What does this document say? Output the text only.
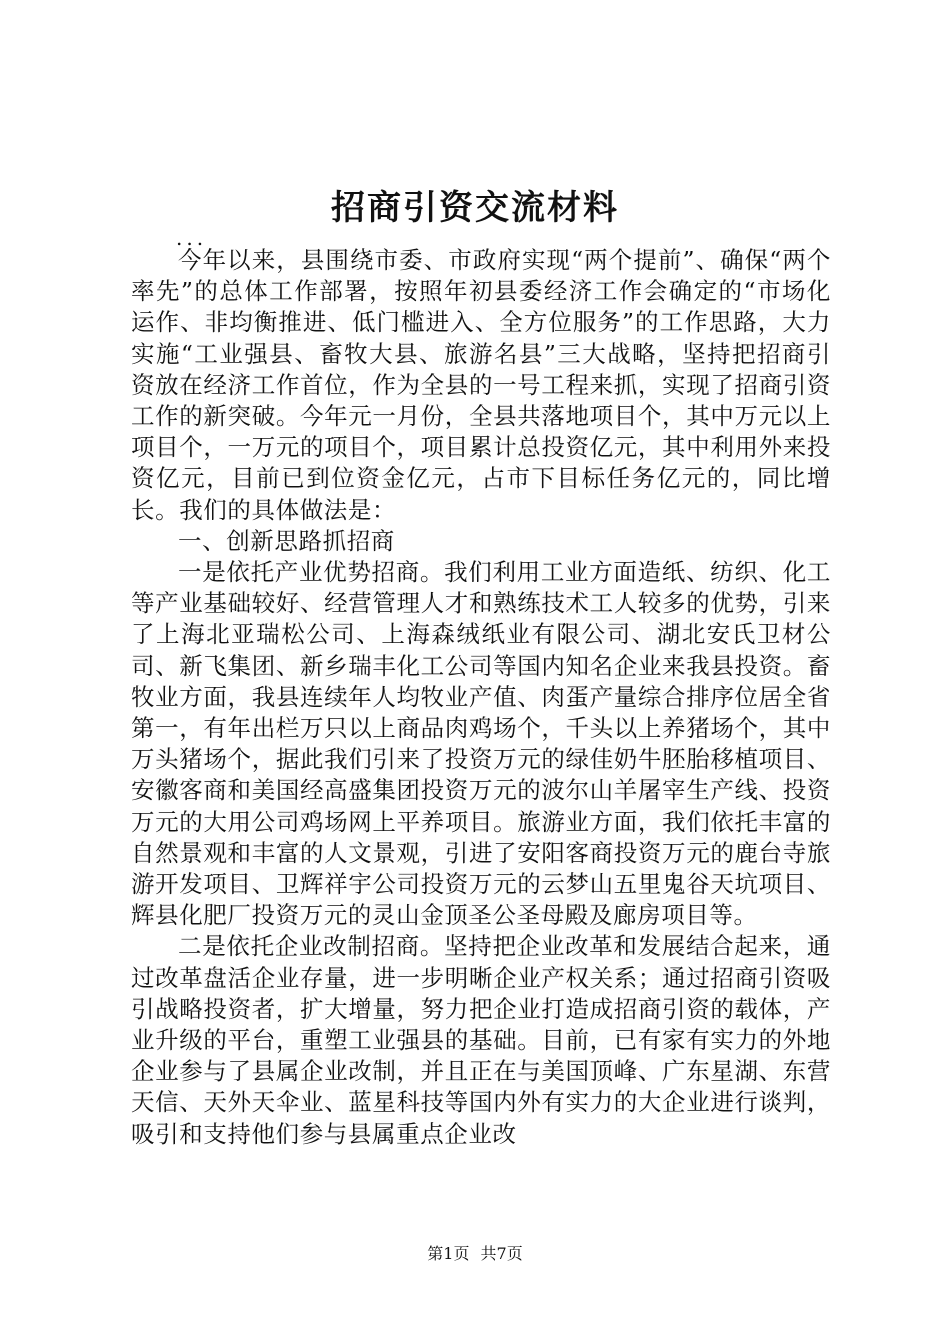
招商引资交流材料
...

今年以来，县围绕市委、市政府实现“两个提前”、确保“两个率先”的总体工作部署，按照年初县委经济工作会确定的“市场化运作、非均衡推进、低门槛进入、全方位服务”的工作思路，大力实施“工业强县、畜牧大县、旅游名县”三大战略，坚持把招商引资放在经济工作首位，作为全县的一号工程来抓，实现了招商引资工作的新突破。今年元一月份，全县共落地项目个，其中万元以上项目个，一万元的项目个，项目累计总投资亿元，其中利用外来投资亿元，目前已到位资金亿元，占市下目标任务亿元的，同比增长。我们的具体做法是：

一、创新思路抓招商

一是依托产业优势招商。我们利用工业方面造纸、纺织、化工等产业基础较好、经营管理人才和熟练技术工人较多的优势，引来了上海北亚瑞松公司、上海森绒纸业有限公司、湖北安氏卫材公司、新飞集团、新乡瑞丰化工公司等国内知名企业来我县投资。畜牧业方面，我县连续年人均牧业产值、肉蛋产量综合排序位居全省第一，有年出栏万只以上商品肉鸡场个，千头以上养猪场个，其中万头猪场个，据此我们引来了投资万元的绿佳奶牛胚胎移植项目、安徽客商和美国经高盛集团投资万元的波尔山羊屠宰生产线、投资万元的大用公司鸡场网上平养项目。旅游业方面，我们依托丰富的自然景观和丰富的人文景观，引进了安阳客商投资万元的鹿台寺旅游开发项目、卫辉祥宇公司投资万元的云梦山五里鬼谷天坑项目、辉县化肥厂投资万元的灵山金顶圣公圣母殿及廊房项目等。

二是依托企业改制招商。坚持把企业改革和发展结合起来，通过改革盘活企业存量，进一步明晰企业产权关系；通过招商引资吸引战略投资者，扩大增量，努力把企业打造成招商引资的载体，产业升级的平台，重塑工业强县的基础。目前，已有家有实力的外地企业参与了县属企业改制，并且正在与美国顶峰、广东星湖、东营天信、天外天伞业、蓝星科技等国内外有实力的大企业进行谈判，吸引和支持他们参与县属重点企业改

第1页 共7页
